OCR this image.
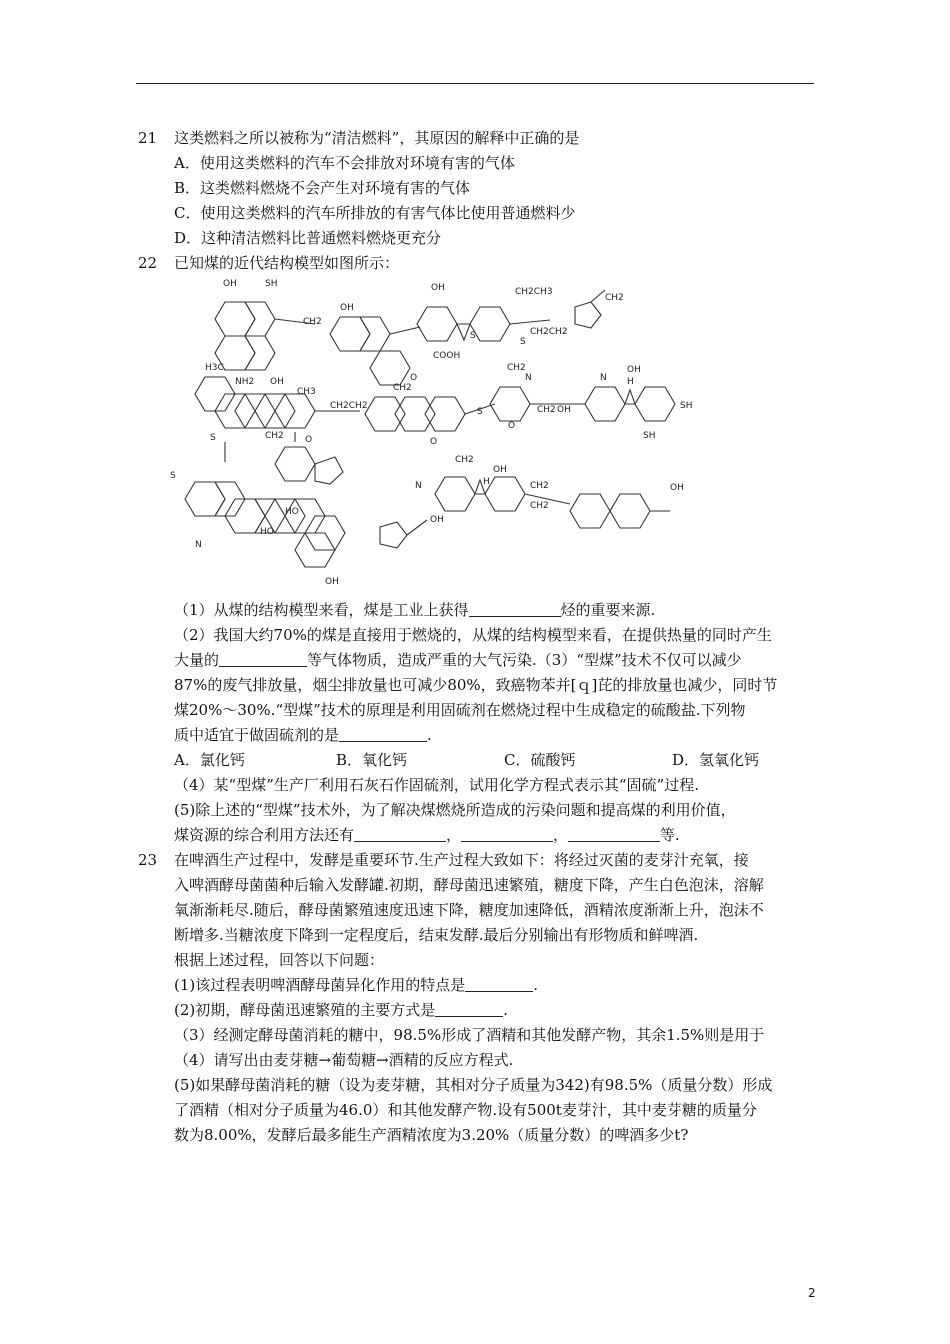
21 这类燃料之所以被称为“清洁燃料”，其原因的解释中正确的是
A．使用这类燃料的汽车不会排放对环境有害的气体
B．这类燃料燃烧不会产生对环境有害的气体
C．使用这类燃料的汽车所排放的有害气体比使用普通燃料少
D．这种清洁燃料比普通燃料燃烧更充分
22 已知煤的近代结构模型如图所示：
OH	SH
NH2 OH
OH
CH2
OH
COOH
S
CH2CH3
CH2CH2
CH2
S
H3C
CH3
CH2CH2
CH2
O
S
CH2
N
O
CH2 OH
N H
OH
SH
SH
CH2
S
S
N
HO
OH
HO
CH2
N	H
OH
CH2
CH2
OH
OH
O
O
（1）从煤的结构模型来看，煤是工业上获得	烃的重要来源.
（2）我国大约70%的煤是直接用于燃烧的，从煤的结构模型来看，在提供热量的同时产生
大量的	等气体物质，造成严重的大气污染.（3）“型煤”技术不仅可以减少
87%的废气排放量，烟尘排放量也可减少80%，致癌物苯并[ｑ]芘的排放量也减少，同时节
煤20%～30%.“型煤”技术的原理是利用固硫剂在燃烧过程中生成稳定的硫酸盐.下列物
质中适宜于做固硫剂的是	.
A．氯化钙	B．氧化钙	C．硫酸钙	D．氢氧化钙
（4）某“型煤”生产厂利用石灰石作固硫剂，试用化学方程式表示其“固硫”过程.
(5)除上述的“型煤”技术外，为了解决煤燃烧所造成的污染问题和提高煤的利用价值，
煤资源的综合利用方法还有	，	，	等.
23 在啤酒生产过程中，发酵是重要环节.生产过程大致如下：将经过灭菌的麦芽汁充氧，接
入啤酒酵母菌菌种后输入发酵罐.初期，酵母菌迅速繁殖，糖度下降，产生白色泡沫，溶解
氧渐渐耗尽.随后，酵母菌繁殖速度迅速下降，糖度加速降低，酒精浓度渐渐上升，泡沫不
断增多.当糖浓度下降到一定程度后，结束发酵.最后分别输出有形物质和鲜啤酒.
根据上述过程，回答以下问题：
(1)该过程表明啤酒酵母菌异化作用的特点是	.
(2)初期，酵母菌迅速繁殖的主要方式是	.
（3）经测定酵母菌消耗的糖中，98.5%形成了酒精和其他发酵产物，其余1.5%则是用于
（4）请写出由麦芽糖→葡萄糖→酒精的反应方程式.
(5)如果酵母菌消耗的糖（设为麦芽糖，其相对分子质量为342)有98.5%（质量分数）形成
了酒精（相对分子质量为46.0）和其他发酵产物.设有500t麦芽汁，其中麦芽糖的质量分
数为8.00%，发酵后最多能生产酒精浓度为3.20%（质量分数）的啤酒多少t?
2
